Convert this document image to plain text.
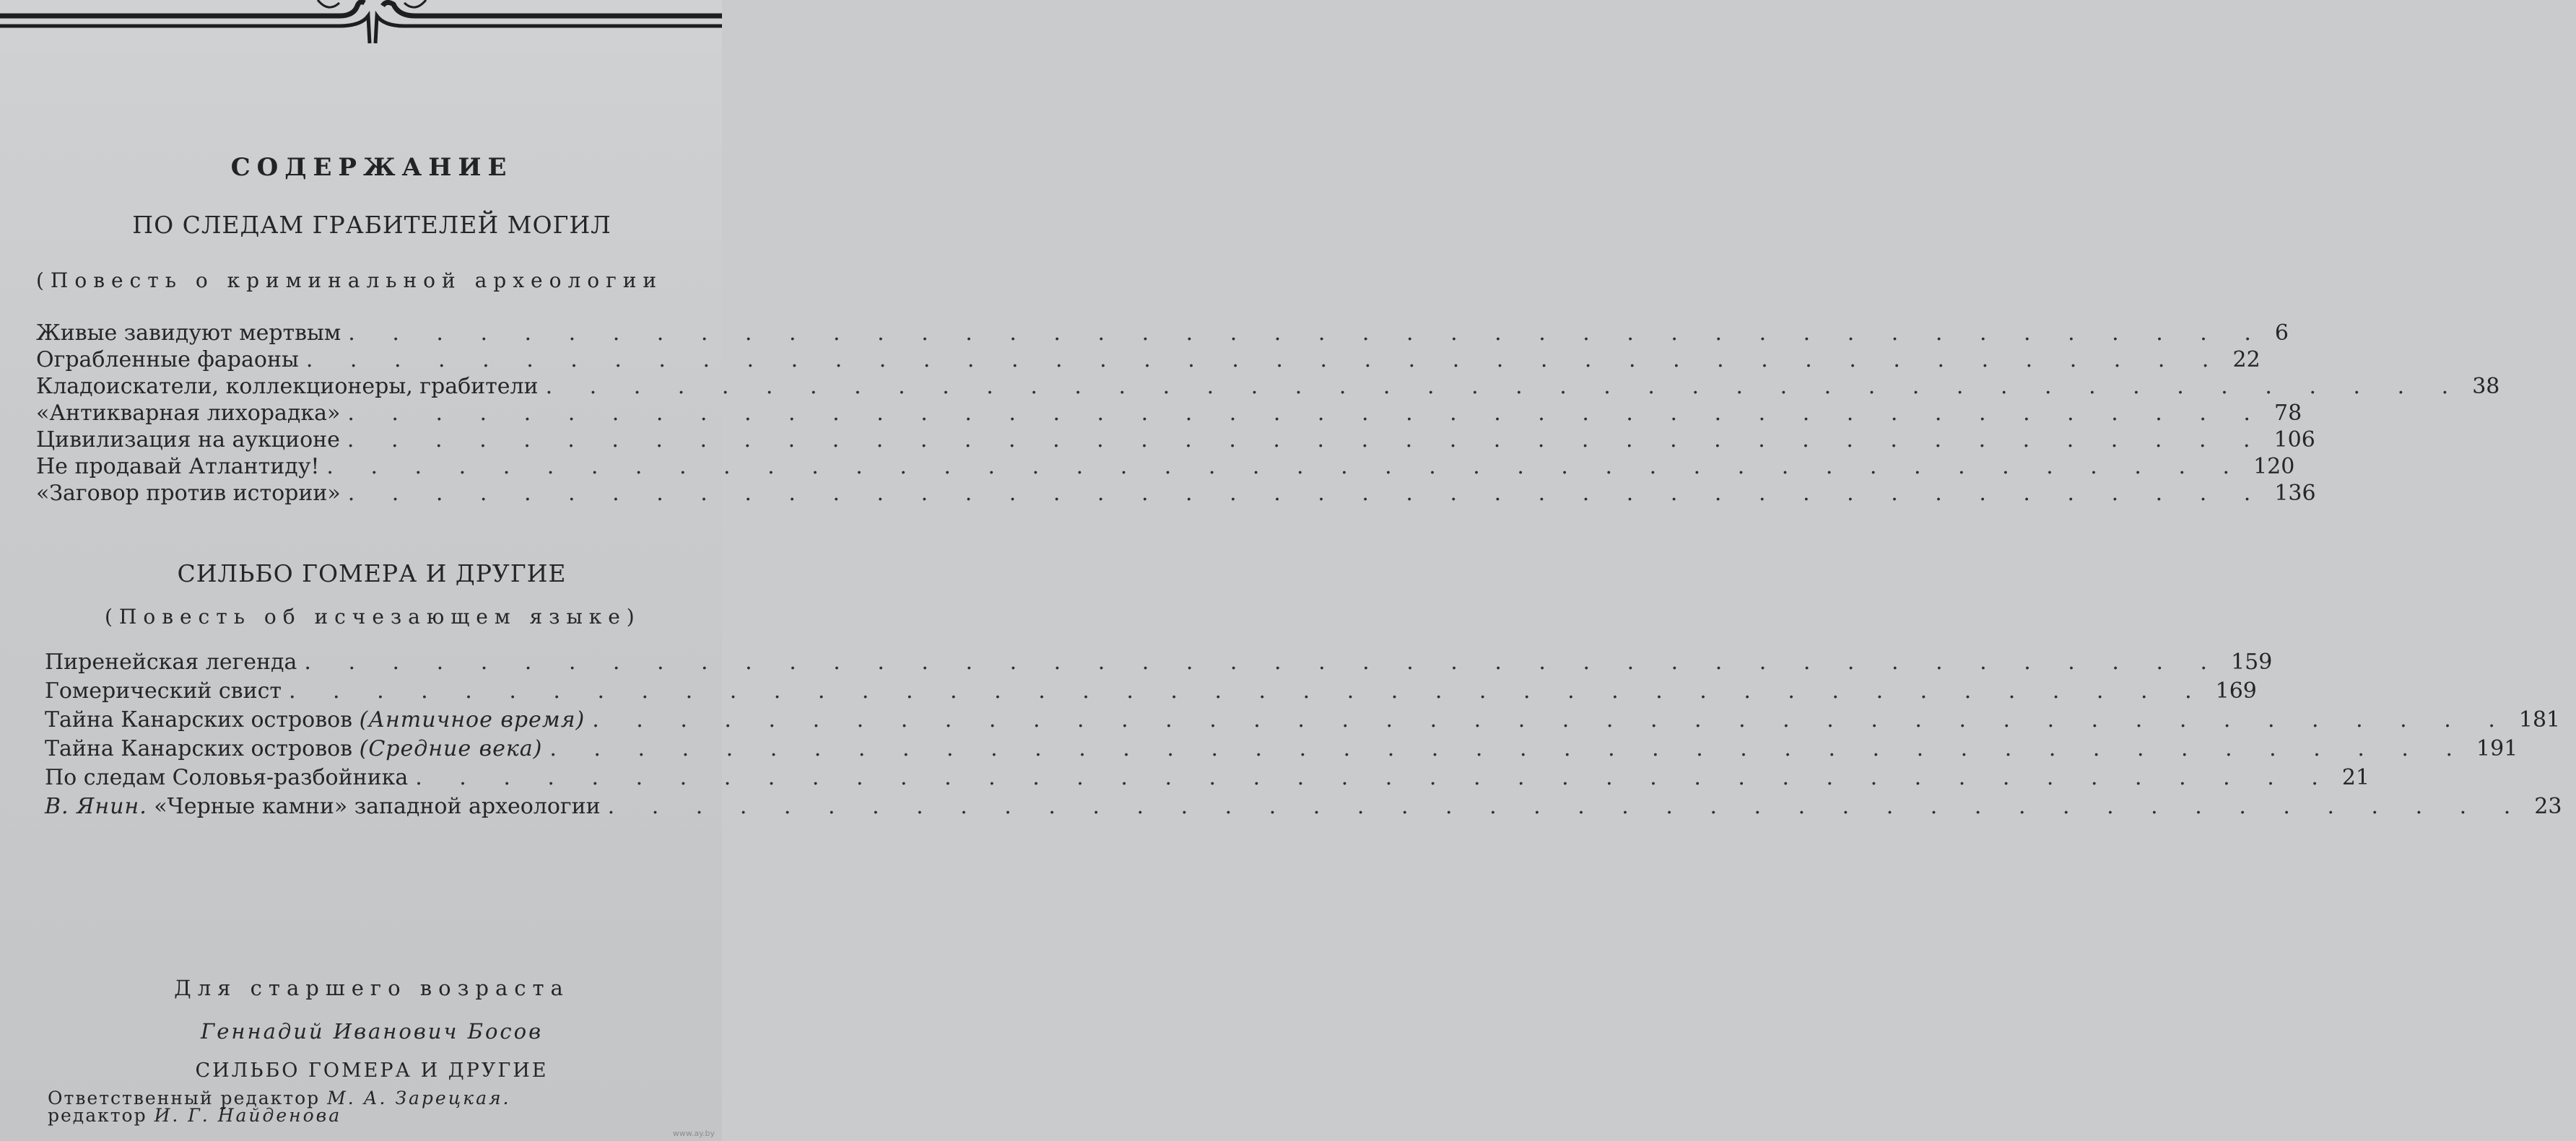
СОДЕРЖАНИЕ
ПО СЛЕДАМ ГРАБИТЕЛЕЙ МОГИЛ
(Повесть о криминальной археологии
Живые завидуют мертвым . . .	6
Ограбленные фараоны . . .	22
Кладоискатели, коллекционеры, грабители . . .	38
«Антикварная лихорадка» . . .	78
Цивилизация на аукционе . . .	106
Не продавай Атлантиду! . . .	120
«Заговор против истории» . . .	136
СИЛЬБО ГОМЕРА И ДРУГИЕ
(Повесть об исчезающем языке)
Пиренейская легенда . . .	159
Гомерический свист . . .	169
Тайна Канарских островов (Античное время) . . .	181
Тайна Канарских островов (Средние века) . . .	191
По следам Соловья-разбойника . . .	21
В. Янин. «Черные камни» западной археологии . . .	23
Для старшего возраста
Геннадий Иванович Босов
СИЛЬБО ГОМЕРА И ДРУГИЕ
Ответственный редактор М. А. Зарецкая.
редактор И. Г. Найденова
www.ay.by
